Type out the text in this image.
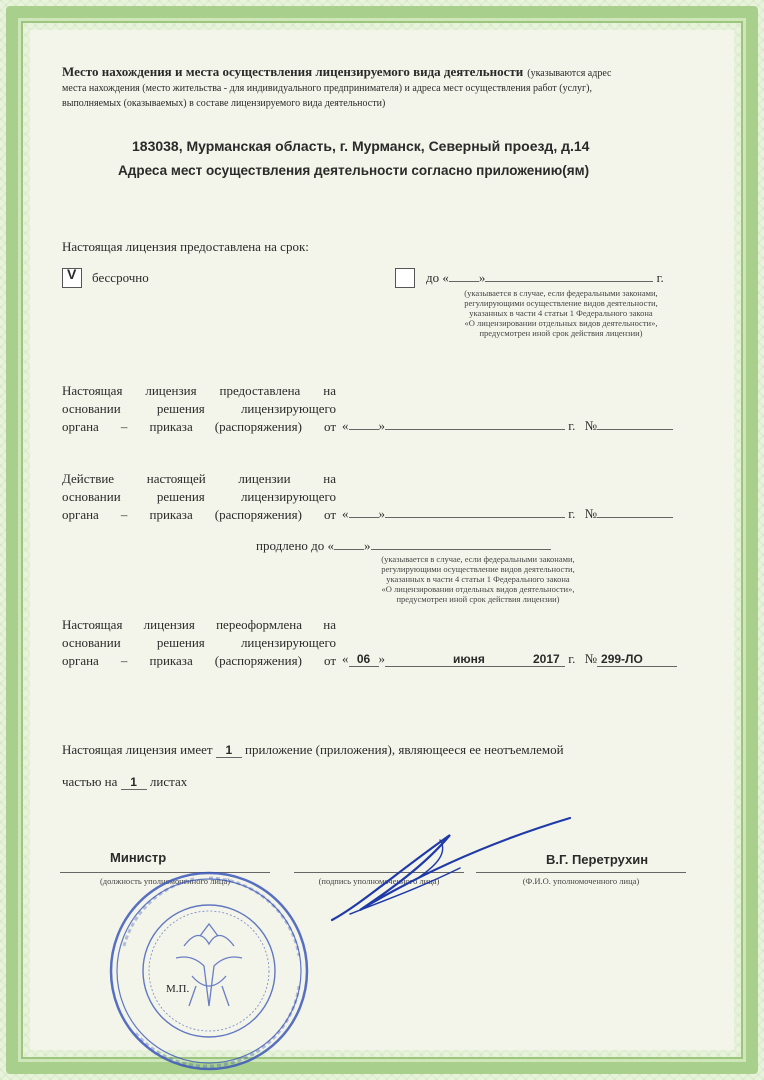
Место нахождения и места осуществления лицензируемого вида деятельности (указываются адрес
места нахождения (место жительства - для индивидуального предпринимателя) и адреса мест осуществления работ (услуг),
выполняемых (оказываемых) в составе лицензируемого вида деятельности)
183038, Мурманская область, г. Мурманск, Северный проезд, д.14
Адреса мест осуществления деятельности согласно приложению(ям)
Настоящая лицензия предоставлена на срок:
V бессрочно	до « »	г.
(указывается в случае, если федеральными законами,
регулирующими осуществление видов деятельности,
указанных в части 4 статьи 1 Федерального закона
«О лицензировании отдельных видов деятельности»,
предусмотрен иной срок действия лицензии)
Настоящая лицензия предоставлена на
основании решения лицензирующего
органа – приказа (распоряжения) от « »	г. №
Действие настоящей лицензии на
основании решения лицензирующего
органа – приказа (распоряжения) от « »	г. №
продлено до « »
(указывается в случае, если федеральными законами,
регулирующими осуществление видов деятельности,
указанных в части 4 статьи 1 Федерального закона
«О лицензировании отдельных видов деятельности»,
предусмотрен иной срок действия лицензии)
Настоящая лицензия переоформлена на
основании решения лицензирующего
органа – приказа (распоряжения) от « 06 »	июня	2017 г. № 299-ЛО
Настоящая лицензия имеет 1 приложение (приложения), являющееся ее неотъемлемой
частью на 1 листах
Министр	В.Г. Перетрухин
(должность уполномоченного лица)	(подпись уполномоченного лица)	(Ф.И.О. уполномоченного лица)
М.П.
